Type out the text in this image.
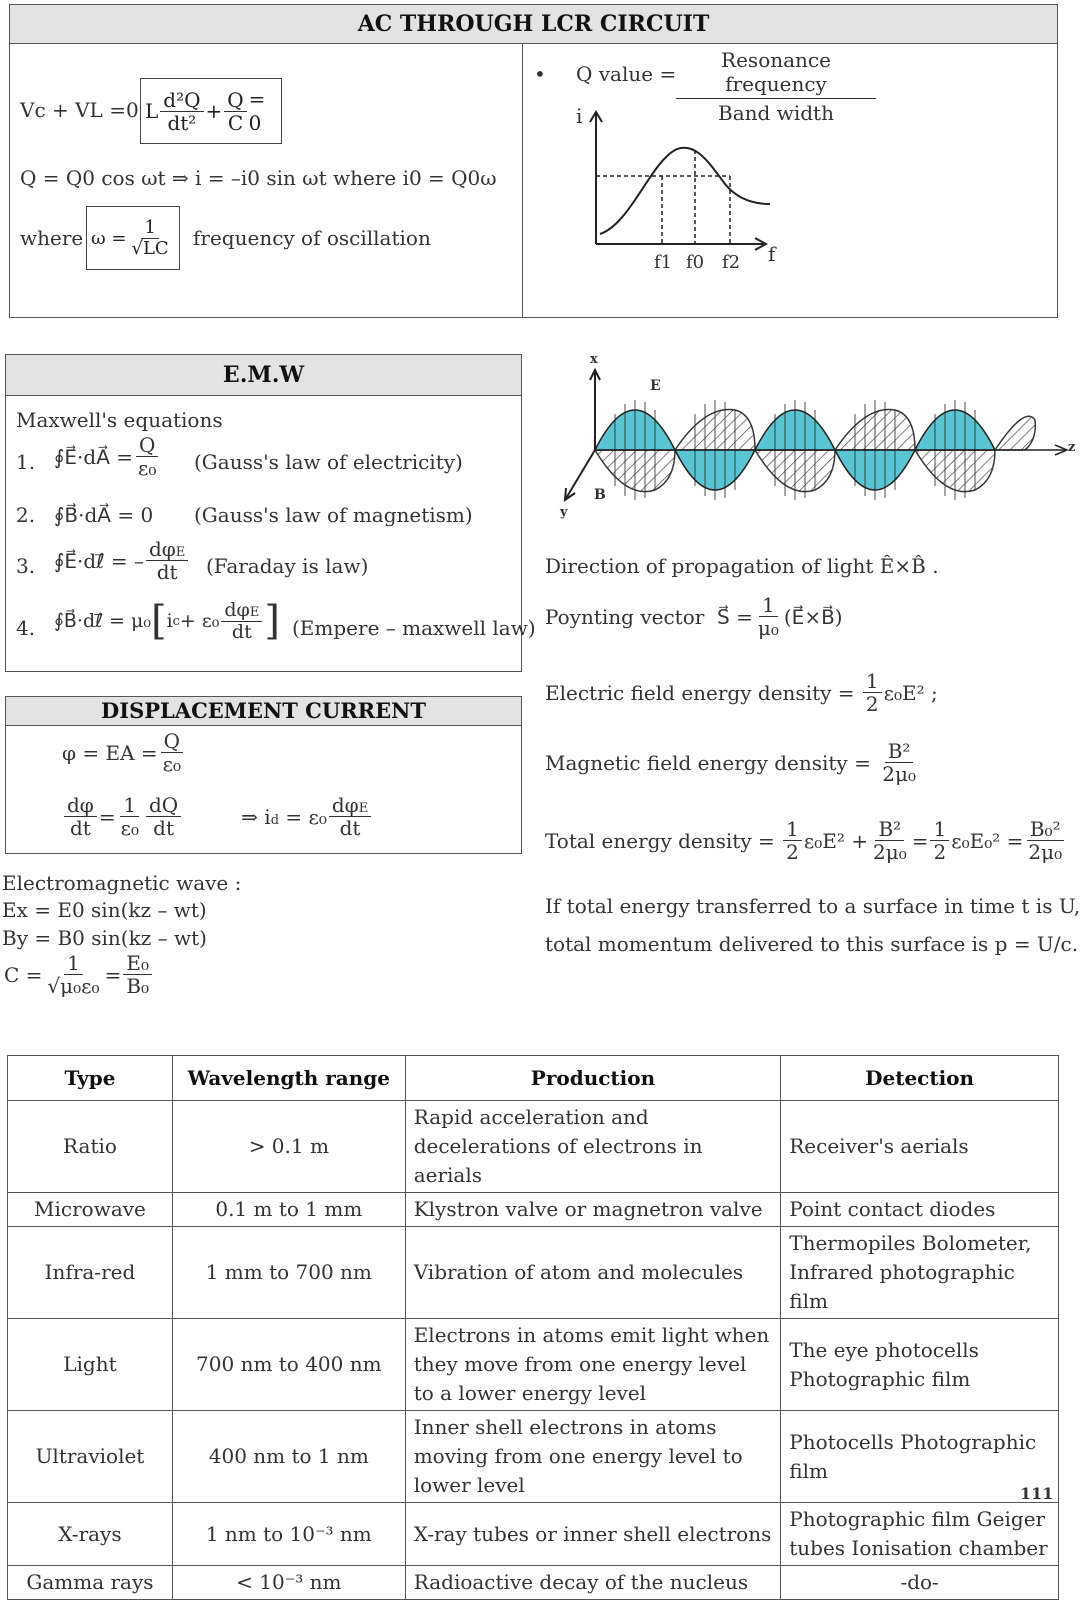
AC THROUGH LCR CIRCUIT
Vc + VL =0 L $\frac{\text{d²Q}}{\text{dt²}} + \frac{Q}{C} = 0$
Q = Q0 cos ωt ⇒ i = –i0 sin ωt where i0 = Q0ω
where $\omega = \frac{1}{√LC}$ frequency of oscillation
• Q value =
Resonance frequency
Band width
i
f
f1 f0 f2
E.M.W
Maxwell's equations
1. ∮E⃗·dA⃗ = $\frac{Q}{\text{ε₀}}$ (Gauss's law of electricity)
2. ∮B⃗·dA⃗ = 0 (Gauss's law of magnetism)
3. ∮E⃗·dℓ⃗ = – $\frac{\text{dφE}}{dt}$ (Faraday is law)
4. ∮B⃗·dℓ⃗ = μ₀ [ i $c + \varepsilon_0 \frac{\text{dφE}}{dt}$ ] (Empere – maxwell law)
DISPLACEMENT CURRENT
φ = EA = $\frac{Q}{\text{ε₀}}$
$\frac{d\varphi}{dt} = \frac{1}{\text{ε₀}} \frac{dQ}{dt}$	⇒ id = $\varepsilon_0 \frac{\text{dφE}}{dt}$
Electromagnetic wave :
Ex = E0 sin(kz – wt)
By = B0 sin(kz – wt)
$C = \frac{1}{\text{√μ₀ε₀}} = \frac{\text{E₀}}{\text{B₀}}$
x
y
z
E
B
Direction of propagation of light Ê×B̂ .
Poynting vector S⃗ = $\frac{1}{\text{μ₀}}$ (E⃗×B⃗)
Electric field energy density =
$\frac{1}{2} \varepsilon_0E^2$ ;
Magnetic field energy density =
$\frac{\text{B²}}{\text{2μ₀}}$
Total energy density =
$\frac{1}{2} \varepsilon_0E^2 + \frac{\text{B²}}{\text{2μ₀}} = \frac{1}{2} \varepsilon_0E_0^2 = \frac{\text{B₀²}}{\text{2μ₀}}$
If total energy transferred to a surface in time t is U,
total momentum delivered to this surface is p = U/c.
Type	Wavelength range	Production	Detection
Ratio	> 0.1 m	Rapid acceleration and decelerations of electrons in aerials	Receiver's aerials
Microwave	0.1 m to 1 mm	Klystron valve or magnetron valve	Point contact diodes
Infra-red	1 mm to 700 nm	Vibration of atom and molecules	Thermopiles Bolometer, Infrared photographic film
Light	700 nm to 400 nm	Electrons in atoms emit light when they move from one energy level to a lower energy level	The eye photocells Photographic film
Ultraviolet	400 nm to 1 nm	Inner shell electrons in atoms moving from one energy level to lower level	Photocells Photographic film
X-rays	1 nm to 10⁻³ nm	X-ray tubes or inner shell electrons	Photographic film Geiger tubes Ionisation chamber
Gamma rays	< 10⁻³ nm	Radioactive decay of the nucleus	-do-
111
